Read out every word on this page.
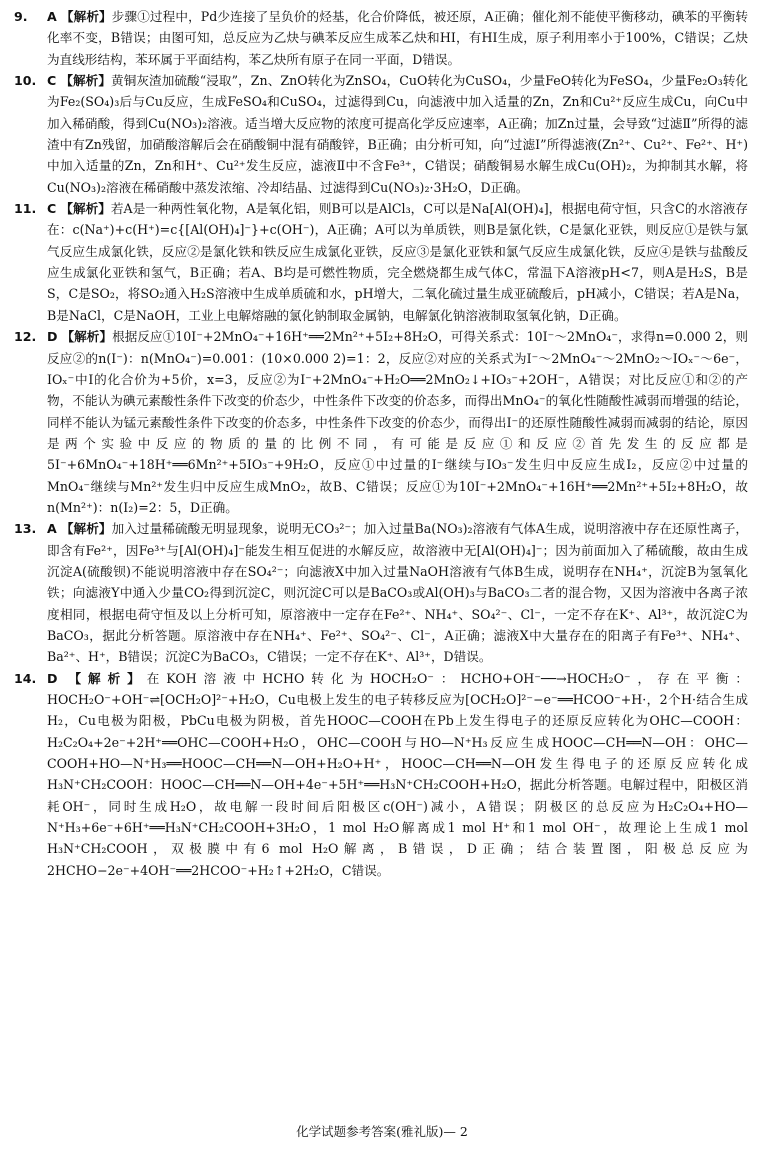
9. A 【解析】步骤①过程中，Pd少连接了呈负价的烃基，化合价降低，被还原，A正确；催化剂不能使平衡移动，碘苯的平衡转化率不变，B错误；由图可知，总反应为乙炔与碘苯反应生成苯乙炔和HI，有HI生成，原子利用率小于100%，C错误；乙炔为直线形结构，苯环属于平面结构，苯乙炔所有原子在同一平面，D错误。

10. C 【解析】黄铜灰渣加硫酸“浸取”，Zn、ZnO转化为ZnSO₄，CuO转化为CuSO₄，少量FeO转化为FeSO₄，少量Fe₂O₃转化为Fe₂(SO₄)₃后与Cu反应，生成FeSO₄和CuSO₄，过滤得到Cu，向滤液中加入适量的Zn，Zn和Cu²⁺反应生成Cu，向Cu中加入稀硝酸，得到Cu(NO₃)₂溶液。适当增大反应物的浓度可提高化学反应速率，A正确；加Zn过量，会导致“过滤Ⅱ”所得的滤渣中有Zn残留，加硝酸溶解后会在硝酸铜中混有硝酸锌，B正确；由分析可知，向“过滤Ⅰ”所得滤液(Zn²⁺、Cu²⁺、Fe²⁺、H⁺)中加入适量的Zn，Zn和H⁺、Cu²⁺发生反应，滤液Ⅱ中不含Fe³⁺，C错误；硝酸铜易水解生成Cu(OH)₂，为抑制其水解，将Cu(NO₃)₂溶液在稀硝酸中蒸发浓缩、冷却结晶、过滤得到Cu(NO₃)₂·3H₂O，D正确。

11. C 【解析】若A是一种两性氧化物，A是氧化铝，则B可以是AlCl₃，C可以是Na[Al(OH)₄]，根据电荷守恒，只含C的水溶液存在：c(Na⁺)+c(H⁺)=c{[Al(OH)₄]⁻}+c(OH⁻)，A正确；A可以为单质铁，则B是氯化铁，C是氯化亚铁，则反应①是铁与氯气反应生成氯化铁，反应②是氯化铁和铁反应生成氯化亚铁，反应③是氯化亚铁和氯气反应生成氯化铁，反应④是铁与盐酸反应生成氯化亚铁和氢气，B正确；若A、B均是可燃性物质，完全燃烧都生成气体C，常温下A溶液pH<7，则A是H₂S，B是S，C是SO₂，将SO₂通入H₂S溶液中生成单质硫和水，pH增大，二氧化硫过量生成亚硫酸后，pH减小，C错误；若A是Na，B是NaCl，C是NaOH，工业上电解熔融的氯化钠制取金属钠，电解氯化钠溶液制取氢氧化钠，D正确。

12. D 【解析】根据反应①10I⁻+2MnO₄⁻+16H⁺══2Mn²⁺+5I₂+8H₂O，可得关系式：10I⁻～2MnO₄⁻，求得n=0.000 2，则反应②的n(I⁻)：n(MnO₄⁻)=0.001：(10×0.000 2)=1：2，反应②对应的关系式为I⁻～2MnO₄⁻～2MnO₂～IOₓ⁻～6e⁻，IOₓ⁻中I的化合价为+5价，x=3，反应②为I⁻+2MnO₄⁻+H₂O══2MnO₂↓+IO₃⁻+2OH⁻，A错误；对比反应①和②的产物，不能认为碘元素酸性条件下改变的价态少，中性条件下改变的价态多，而得出MnO₄⁻的氧化性随酸性减弱而增强的结论，同样不能认为锰元素酸性条件下改变的价态多，中性条件下改变的价态少，而得出I⁻的还原性随酸性减弱而减弱的结论，原因是两个实验中反应的物质的量的比例不同，有可能是反应①和反应②首先发生的反应都是5I⁻+6MnO₄⁻+18H⁺══6Mn²⁺+5IO₃⁻+9H₂O，反应①中过量的I⁻继续与IO₃⁻发生归中反应生成I₂，反应②中过量的MnO₄⁻继续与Mn²⁺发生归中反应生成MnO₂，故B、C错误；反应①为10I⁻+2MnO₄⁻+16H⁺══2Mn²⁺+5I₂+8H₂O，故n(Mn²⁺)：n(I₂)=2：5，D正确。

13. A 【解析】加入过量稀硫酸无明显现象，说明无CO₃²⁻；加入过量Ba(NO₃)₂溶液有气体A生成，说明溶液中存在还原性离子，即含有Fe²⁺，因Fe³⁺与[Al(OH)₄]⁻能发生相互促进的水解反应，故溶液中无[Al(OH)₄]⁻；因为前面加入了稀硫酸，故由生成沉淀A(硫酸钡)不能说明溶液中存在SO₄²⁻；向滤液X中加入过量NaOH溶液有气体B生成，说明存在NH₄⁺，沉淀B为氢氧化铁；向滤液Y中通入少量CO₂得到沉淀C，则沉淀C可以是BaCO₃或Al(OH)₃与BaCO₃二者的混合物，又因为溶液中各离子浓度相同，根据电荷守恒及以上分析可知，原溶液中一定存在Fe²⁺、NH₄⁺、SO₄²⁻、Cl⁻，一定不存在K⁺、Al³⁺，故沉淀C为BaCO₃，据此分析答题。原溶液中存在NH₄⁺、Fe²⁺、SO₄²⁻、Cl⁻，A正确；滤液X中大量存在的阳离子有Fe³⁺、NH₄⁺、Ba²⁺、H⁺，B错误；沉淀C为BaCO₃，C错误；一定不存在K⁺、Al³⁺，D错误。

14. D 【解析】在KOH溶液中HCHO转化为HOCH₂O⁻：HCHO+OH⁻──→HOCH₂O⁻，存在平衡：HOCH₂O⁻+OH⁻⇌[OCH₂O]²⁻+H₂O，Cu电极上发生的电子转移反应为[OCH₂O]²⁻−e⁻══HCOO⁻+H·，2个H·结合生成H₂，Cu电极为阳极，PbCu电极为阴极，首先HOOC—COOH在Pb上发生得电子的还原反应转化为OHC—COOH：H₂C₂O₄+2e⁻+2H⁺══OHC—COOH+H₂O，OHC—COOH与HO—N⁺H₃反应生成HOOC—CH══N—OH：OHC—COOH+HO—N⁺H₃══HOOC—CH══N—OH+H₂O+H⁺，HOOC—CH══N—OH发生得电子的还原反应转化成H₃N⁺CH₂COOH：HOOC—CH══N—OH+4e⁻+5H⁺══H₃N⁺CH₂COOH+H₂O，据此分析答题。电解过程中，阳极区消耗OH⁻，同时生成H₂O，故电解一段时间后阳极区c(OH⁻)减小，A错误；阴极区的总反应为H₂C₂O₄+HO—N⁺H₃+6e⁻+6H⁺══H₃N⁺CH₂COOH+3H₂O，1 mol H₂O解离成1 mol H⁺和1 mol OH⁻，故理论上生成1 mol H₃N⁺CH₂COOH，双极膜中有6 mol H₂O解离，B错误，D正确；结合装置图，阳极总反应为2HCHO−2e⁻+4OH⁻══2HCOO⁻+H₂↑+2H₂O，C错误。

化学试题参考答案(雅礼版)— 2
